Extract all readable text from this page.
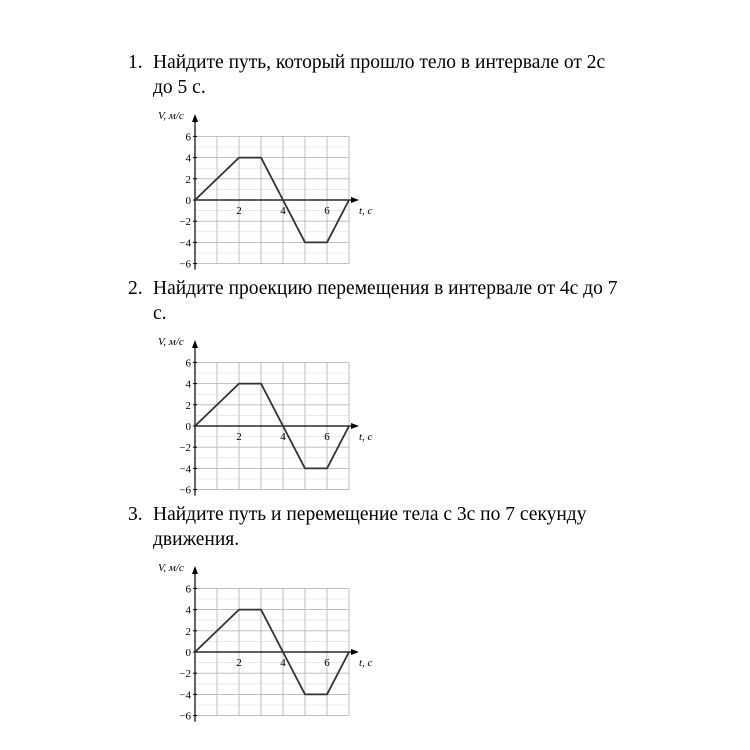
1. Найдите путь, который прошло тело в интервале от 2с
до 5 с.
V, м/с
t, c
6
4
2
0
−2
−4
−6
2	4	6
2. Найдите проекцию перемещения в интервале от 4с до 7
с.
V, м/с
t, c
6
4
2
0
−2
−4
−6
2	4	6
3. Найдите путь и перемещение тела с 3с по 7 секунду
движения.
V, м/с
t, c
6
4
2
0
−2
−4
−6
2	4	6
